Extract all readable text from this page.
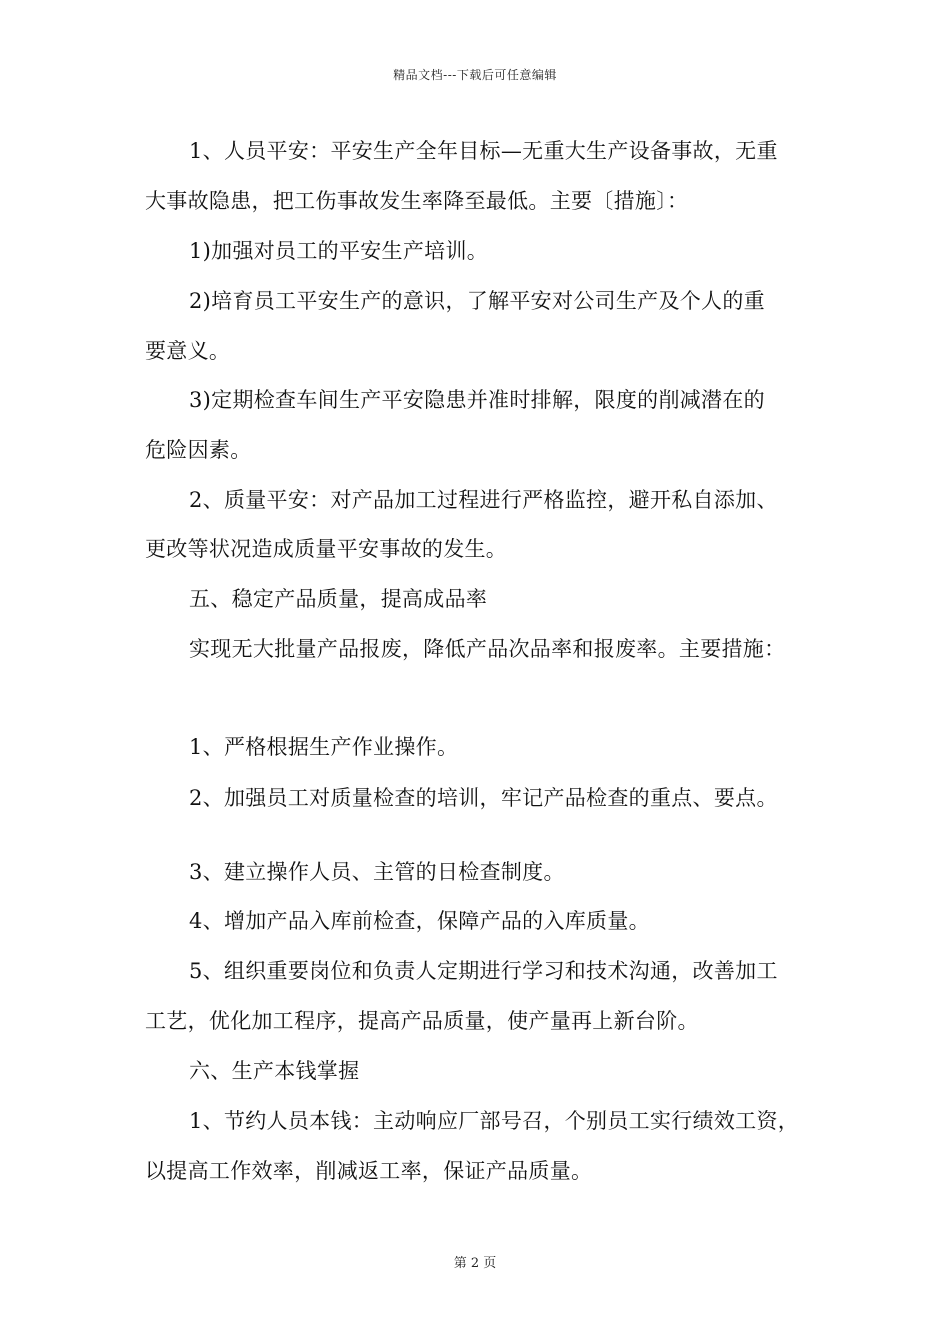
精品文档---下载后可任意编辑
1、人员平安：平安生产全年目标—无重大生产设备事故，无重
大事故隐患，把工伤事故发生率降至最低。主要〔措施〕：
1)加强对员工的平安生产培训。
2)培育员工平安生产的意识，了解平安对公司生产及个人的重
要意义。
3)定期检查车间生产平安隐患并准时排解，限度的削减潜在的
危险因素。
2、质量平安：对产品加工过程进行严格监控，避开私自添加、
更改等状况造成质量平安事故的发生。
五、稳定产品质量，提高成品率
实现无大批量产品报废，降低产品次品率和报废率。主要措施：
1、严格根据生产作业操作。
2、加强员工对质量检查的培训，牢记产品检查的重点、要点。
3、建立操作人员、主管的日检查制度。
4、增加产品入库前检查，保障产品的入库质量。
5、组织重要岗位和负责人定期进行学习和技术沟通，改善加工
工艺，优化加工程序，提高产品质量，使产量再上新台阶。
六、生产本钱掌握
1、节约人员本钱：主动响应厂部号召，个别员工实行绩效工资，
以提高工作效率，削减返工率，保证产品质量。
第 2 页
